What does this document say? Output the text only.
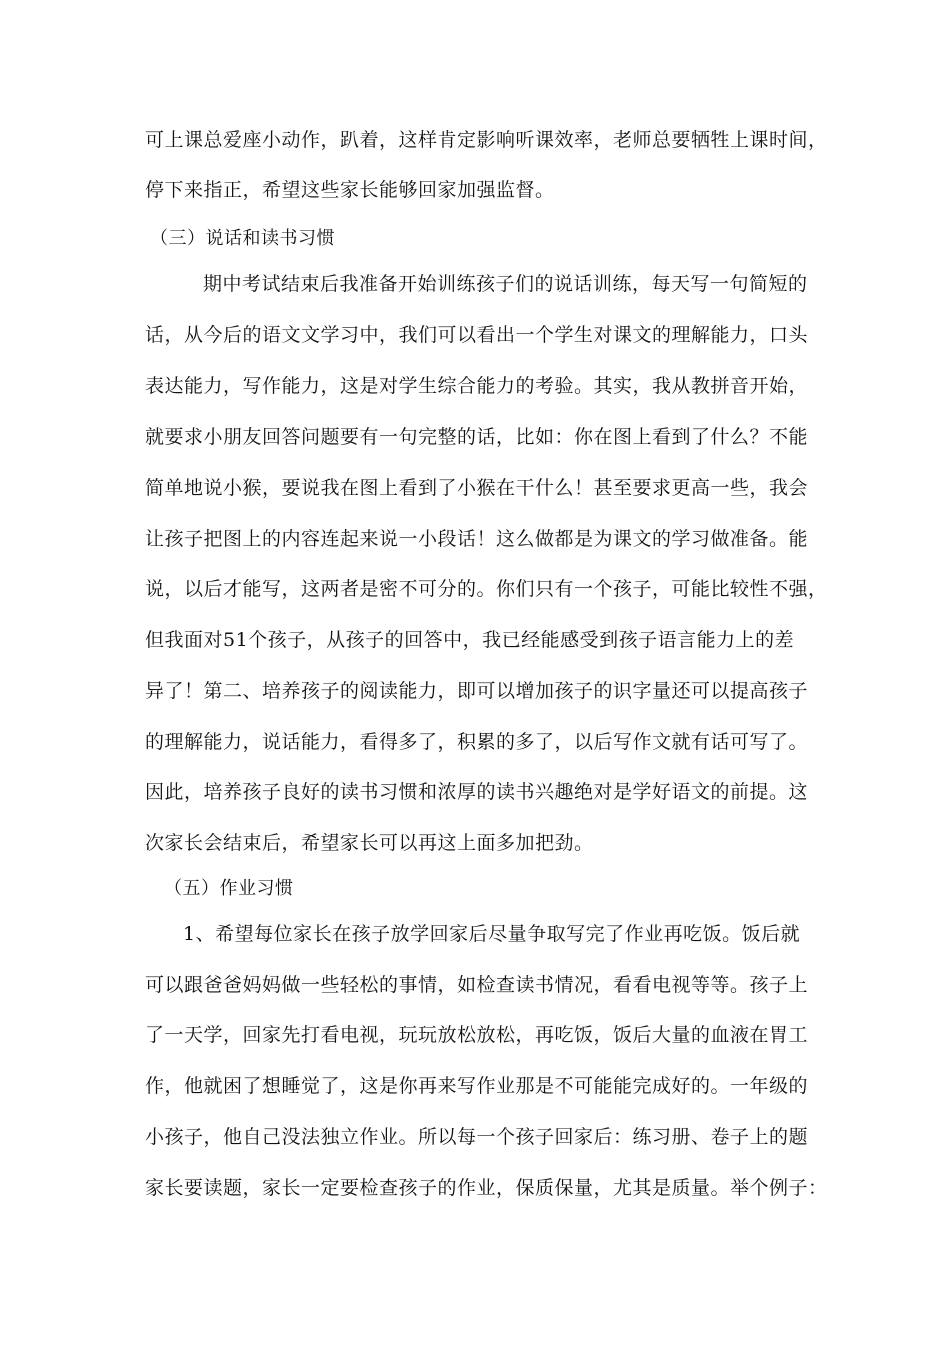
可上课总爱座小动作，趴着，这样肯定影响听课效率，老师总要牺牲上课时间，
停下来指正，希望这些家长能够回家加强监督。
（三）说话和读书习惯
期中考试结束后我准备开始训练孩子们的说话训练，每天写一句简短的
话，从今后的语文文学习中，我们可以看出一个学生对课文的理解能力，口头
表达能力，写作能力，这是对学生综合能力的考验。其实，我从教拼音开始，
就要求小朋友回答问题要有一句完整的话，比如：你在图上看到了什么？不能
简单地说小猴，要说我在图上看到了小猴在干什么！甚至要求更高一些，我会
让孩子把图上的内容连起来说一小段话！这么做都是为课文的学习做准备。能
说，以后才能写，这两者是密不可分的。你们只有一个孩子，可能比较性不强，
但我面对51个孩子，从孩子的回答中，我已经能感受到孩子语言能力上的差
异了！第二、培养孩子的阅读能力，即可以增加孩子的识字量还可以提高孩子
的理解能力，说话能力，看得多了，积累的多了，以后写作文就有话可写了。
因此，培养孩子良好的读书习惯和浓厚的读书兴趣绝对是学好语文的前提。这
次家长会结束后，希望家长可以再这上面多加把劲。
（五）作业习惯
1、希望每位家长在孩子放学回家后尽量争取写完了作业再吃饭。饭后就
可以跟爸爸妈妈做一些轻松的事情，如检查读书情况，看看电视等等。孩子上
了一天学，回家先打看电视，玩玩放松放松，再吃饭，饭后大量的血液在胃工
作，他就困了想睡觉了，这是你再来写作业那是不可能能完成好的。一年级的
小孩子，他自己没法独立作业。所以每一个孩子回家后：练习册、卷子上的题
家长要读题，家长一定要检查孩子的作业，保质保量，尤其是质量。举个例子：
